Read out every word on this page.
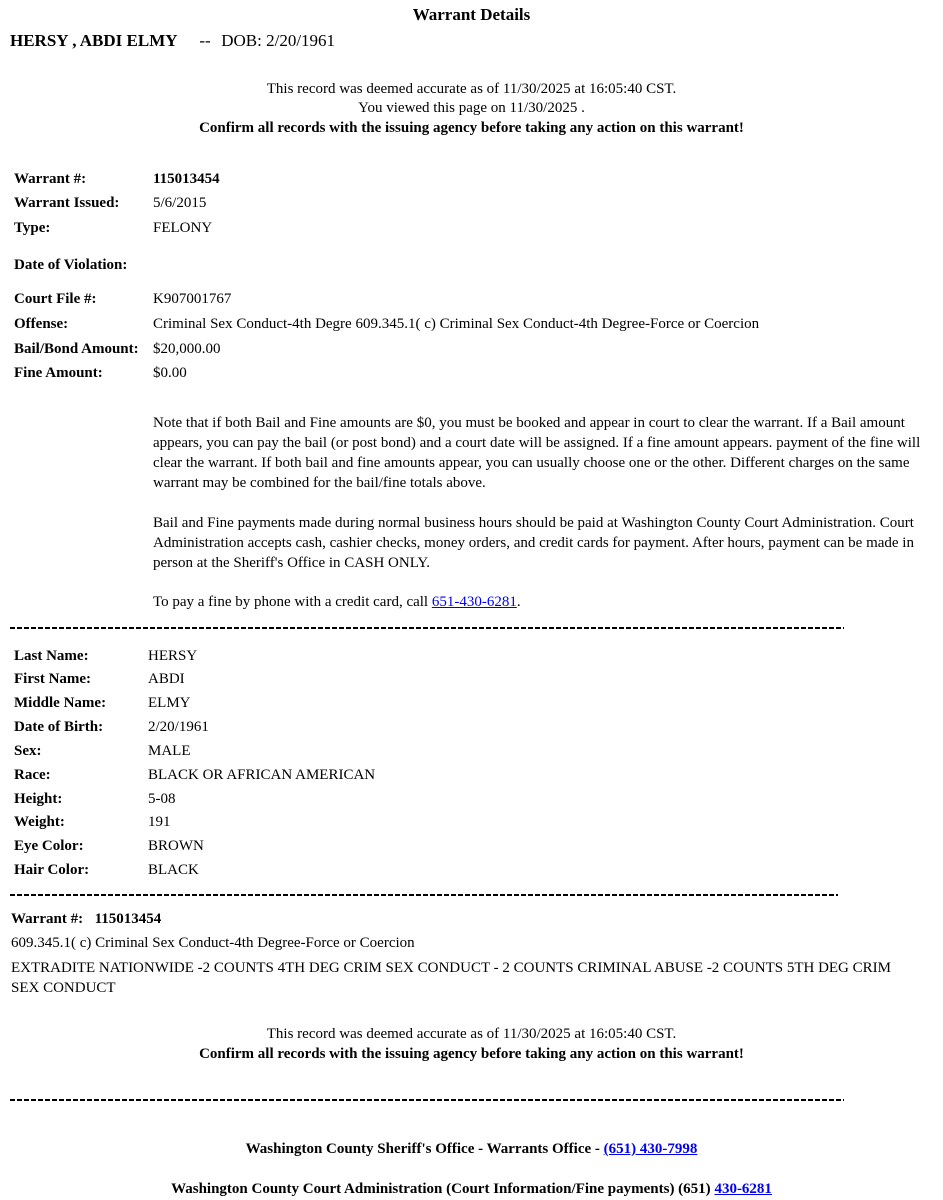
Warrant Details
HERSY , ABDI ELMY -- DOB: 2/20/1961
This record was deemed accurate as of 11/30/2025 at 16:05:40 CST.
You viewed this page on 11/30/2025 .
Confirm all records with the issuing agency before taking any action on this warrant!
Warrant #:	115013454
Warrant Issued: 5/6/2015
Type:	FELONY
Date of Violation:
Court File #:	K907001767
Offense:	Criminal Sex Conduct-4th Degre 609.345.1( c) Criminal Sex Conduct-4th Degree-Force or Coercion
Bail/Bond Amount: $20,000.00
Fine Amount:	$0.00
Note that if both Bail and Fine amounts are $0, you must be booked and appear in court to clear the warrant. If a Bail amount appears, you can pay the bail (or post bond) and a court date will be assigned. If a fine amount appears. payment of the fine will clear the warrant. If both bail and fine amounts appear, you can usually choose one or the other. Different charges on the same warrant may be combined for the bail/fine totals above.
Bail and Fine payments made during normal business hours should be paid at Washington County Court Administration. Court Administration accepts cash, cashier checks, money orders, and credit cards for payment. After hours, payment can be made in person at the Sheriff's Office in CASH ONLY.
To pay a fine by phone with a credit card, call 651-430-6281.
Last Name:	HERSY
First Name:	ABDI
Middle Name:	ELMY
Date of Birth:	2/20/1961
Sex:	MALE
Race:	BLACK OR AFRICAN AMERICAN
Height:	5-08
Weight:	191
Eye Color:	BROWN
Hair Color:	BLACK
Warrant #: 115013454
609.345.1( c) Criminal Sex Conduct-4th Degree-Force or Coercion
EXTRADITE NATIONWIDE -2 COUNTS 4TH DEG CRIM SEX CONDUCT - 2 COUNTS CRIMINAL ABUSE -2 COUNTS 5TH DEG CRIM SEX CONDUCT
This record was deemed accurate as of 11/30/2025 at 16:05:40 CST.
Confirm all records with the issuing agency before taking any action on this warrant!
Washington County Sheriff's Office - Warrants Office - (651) 430-7998
Washington County Court Administration (Court Information/Fine payments) (651) 430-6281
